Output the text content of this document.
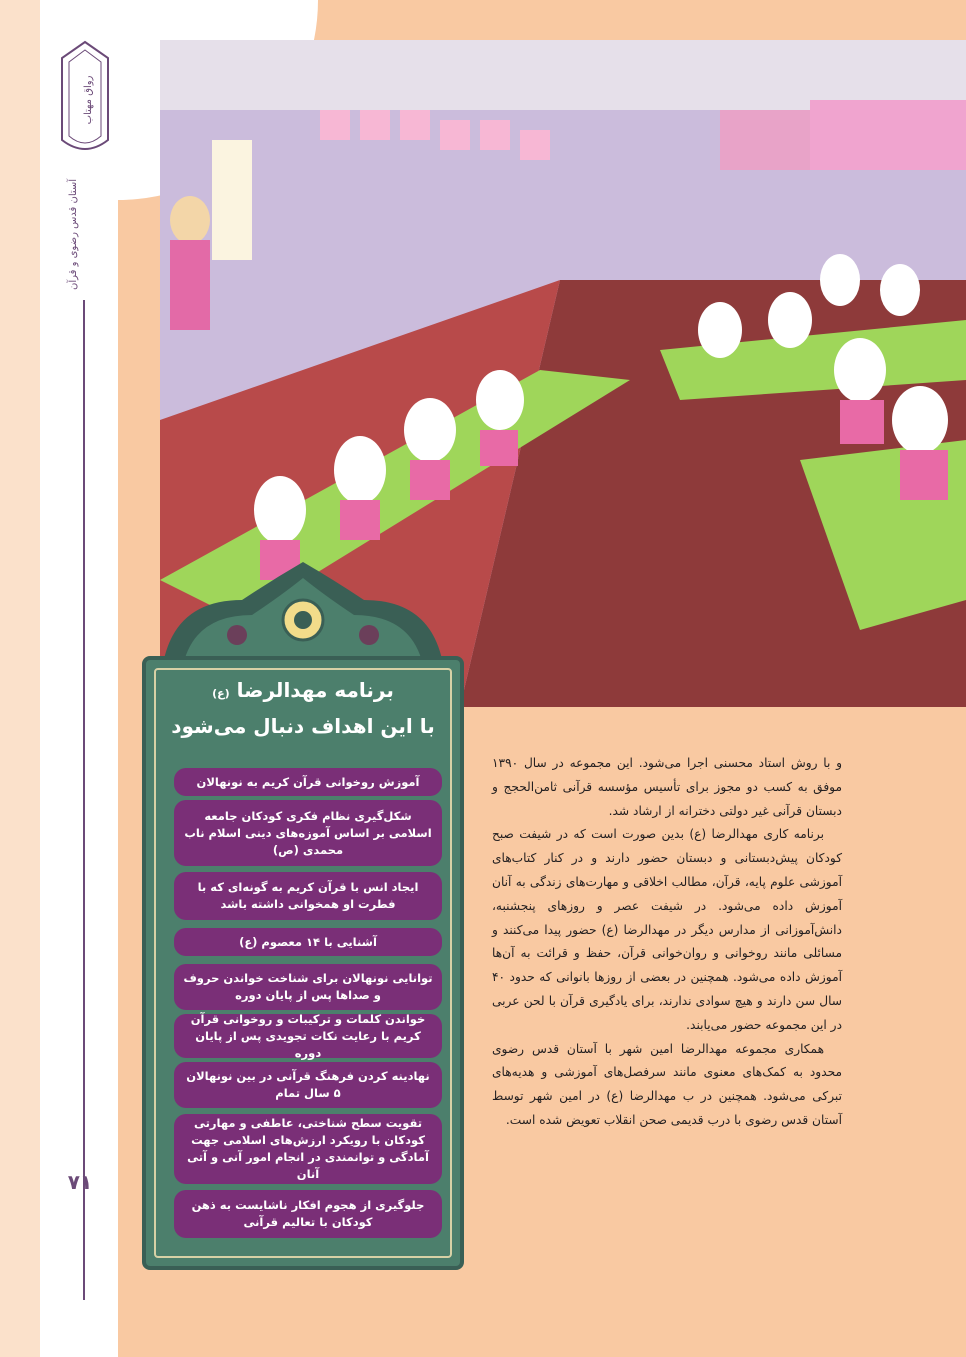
رواق مهتاب
آستان قدس رضوی و قرآن
۷۱
برنامه مهدالرضا (ع)
با این اهداف دنبال می‌شود
آموزش روخوانی قرآن کریم به نونهالان
شکل‌گیری نظام فکری کودکان جامعه اسلامی بر اساس آموزه‌های دینی اسلام ناب محمدی (ص)
ایجاد انس با قرآن کریم به گونه‌ای که با فطرت او همخوانی داشته باشد
آشنایی با ۱۴ معصوم (ع)
توانایی نونهالان برای شناخت خواندن حروف و صداها پس از پایان دوره
خواندن کلمات و ترکیبات و روخوانی قرآن کریم با رعایت نکات تجویدی پس از پایان دوره
نهادینه کردن فرهنگ قرآنی در بین نونهالان ۵ سال تمام
تقویت سطح شناختی، عاطفی و مهارتی کودکان با رویکرد ارزش‌های اسلامی جهت آمادگی و توانمندی در انجام امور آنی و آتی آنان
جلوگیری از هجوم افکار ناشایست به ذهن کودکان با تعالیم قرآنی

و با روش استاد محسنی اجرا می‌شود. این مجموعه در سال ۱۳۹۰ موفق به کسب دو مجوز برای تأسیس مؤسسه قرآنی ثامن‌الحجج و دبستان قرآنی غیر دولتی دخترانه از ارشاد شد.

برنامه کاری مهدالرضا (ع) بدین صورت است که در شیفت صبح کودکان پیش‌دبستانی و دبستان حضور دارند و در کنار کتاب‌های آموزشی علوم پایه، قرآن، مطالب اخلاقی و مهارت‌های زندگی به آنان آموزش داده می‌شود. در شیفت عصر و روزهای پنجشنبه، دانش‌آموزانی از مدارس دیگر در مهدالرضا (ع) حضور پیدا می‌کنند و مسائلی مانند روخوانی و روان‌خوانی قرآن، حفظ و قرائت به آن‌ها آموزش داده می‌شود. همچنین در بعضی از روزها بانوانی که حدود ۴۰ سال سن دارند و هیچ سوادی ندارند، برای یادگیری قرآن با لحن عربی در این مجموعه حضور می‌یابند.

همکاری مجموعه مهدالرضا امین شهر با آستان قدس رضوی محدود به کمک‌های معنوی مانند سرفصل‌های آموزشی و هدیه‌های تبرکی می‌شود. همچنین در ب مهدالرضا (ع) در امین شهر توسط آستان قدس رضوی با درب قدیمی صحن انقلاب تعویض شده است.
